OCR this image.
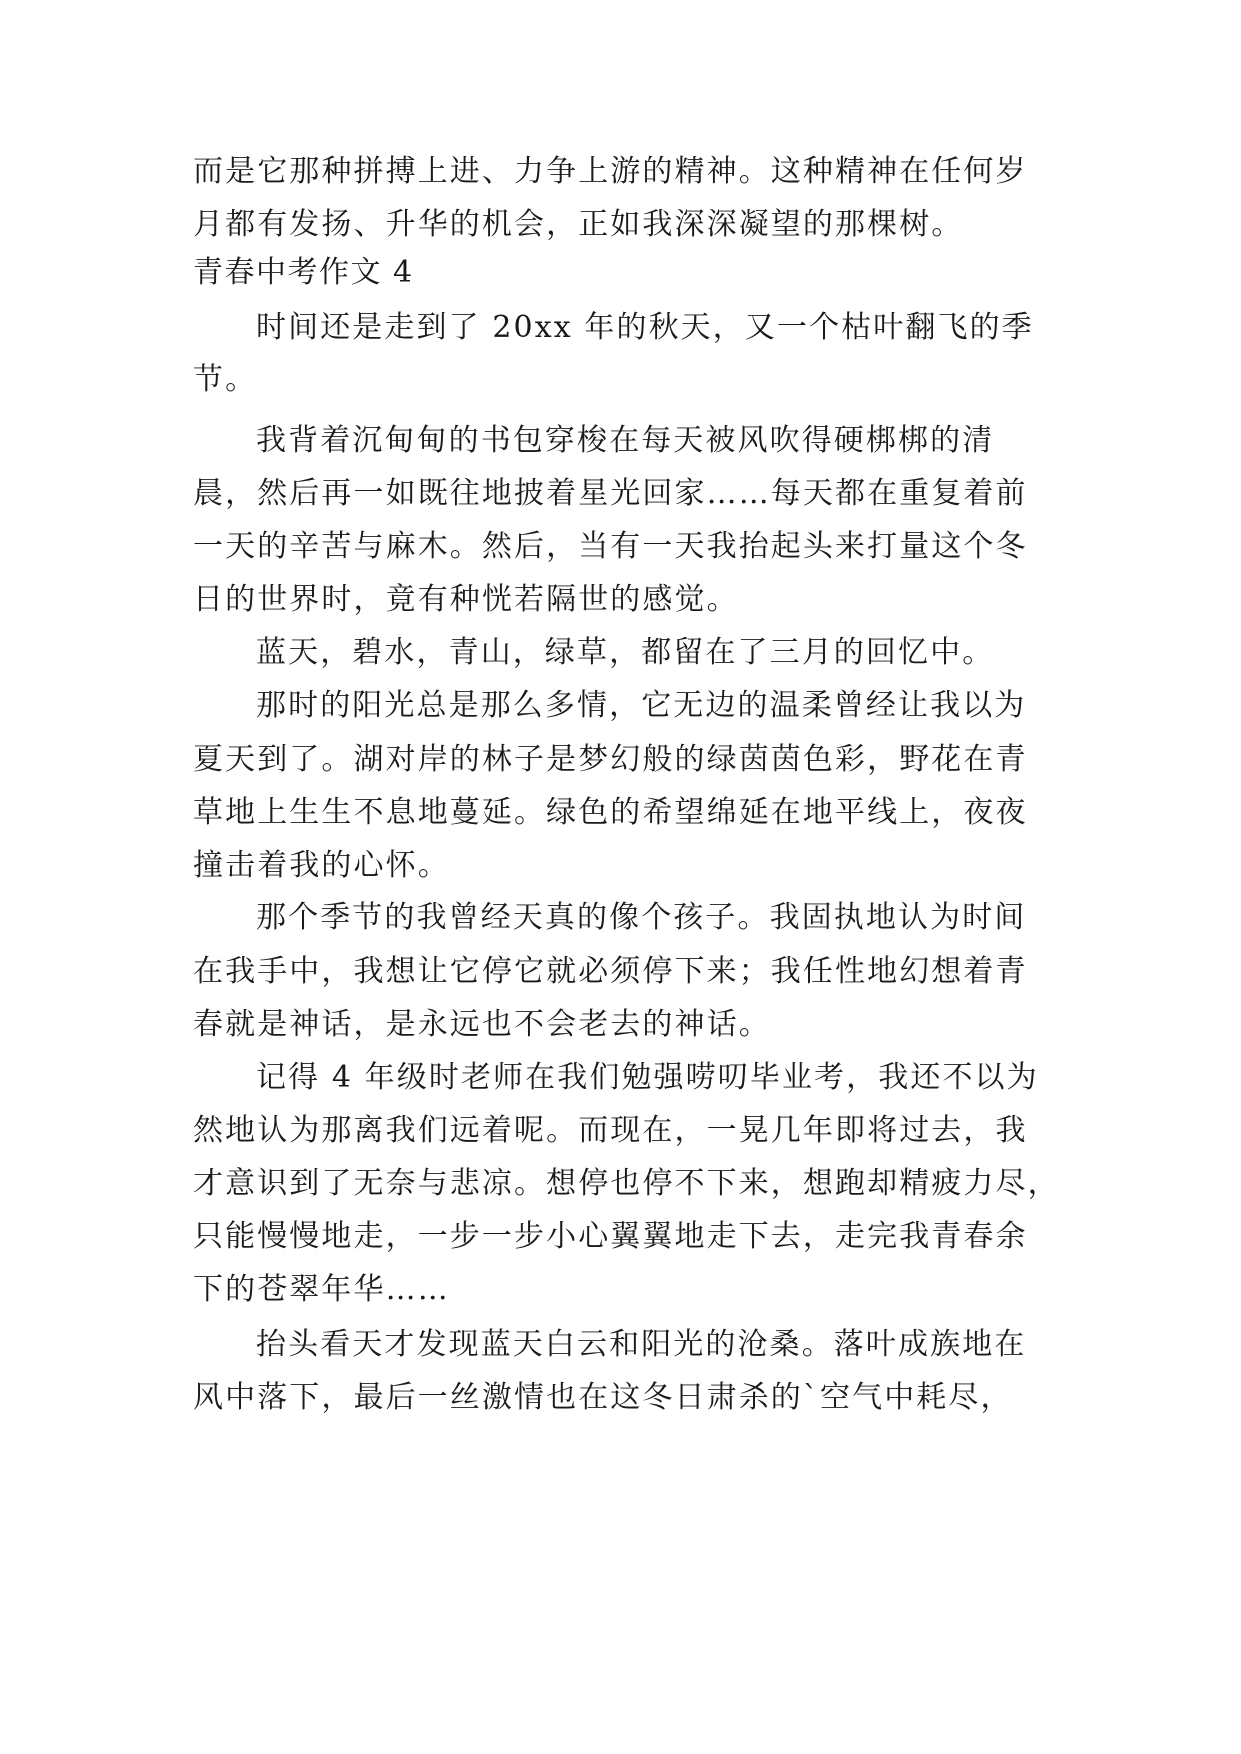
而是它那种拼搏上进、力争上游的精神。这种精神在任何岁
月都有发扬、升华的机会，正如我深深凝望的那棵树。
青春中考作文 4
时间还是走到了 20xx 年的秋天，又一个枯叶翻飞的季
节。
我背着沉甸甸的书包穿梭在每天被风吹得硬梆梆的清
晨，然后再一如既往地披着星光回家……每天都在重复着前
一天的辛苦与麻木。然后，当有一天我抬起头来打量这个冬
日的世界时，竟有种恍若隔世的感觉。
蓝天，碧水，青山，绿草，都留在了三月的回忆中。
那时的阳光总是那么多情，它无边的温柔曾经让我以为
夏天到了。湖对岸的林子是梦幻般的绿茵茵色彩，野花在青
草地上生生不息地蔓延。绿色的希望绵延在地平线上，夜夜
撞击着我的心怀。
那个季节的我曾经天真的像个孩子。我固执地认为时间
在我手中，我想让它停它就必须停下来；我任性地幻想着青
春就是神话，是永远也不会老去的神话。
记得 4 年级时老师在我们勉强唠叨毕业考，我还不以为
然地认为那离我们远着呢。而现在，一晃几年即将过去，我
才意识到了无奈与悲凉。想停也停不下来，想跑却精疲力尽，
只能慢慢地走，一步一步小心翼翼地走下去，走完我青春余
下的苍翠年华……
抬头看天才发现蓝天白云和阳光的沧桑。落叶成族地在
风中落下，最后一丝激情也在这冬日肃杀的`空气中耗尽，
